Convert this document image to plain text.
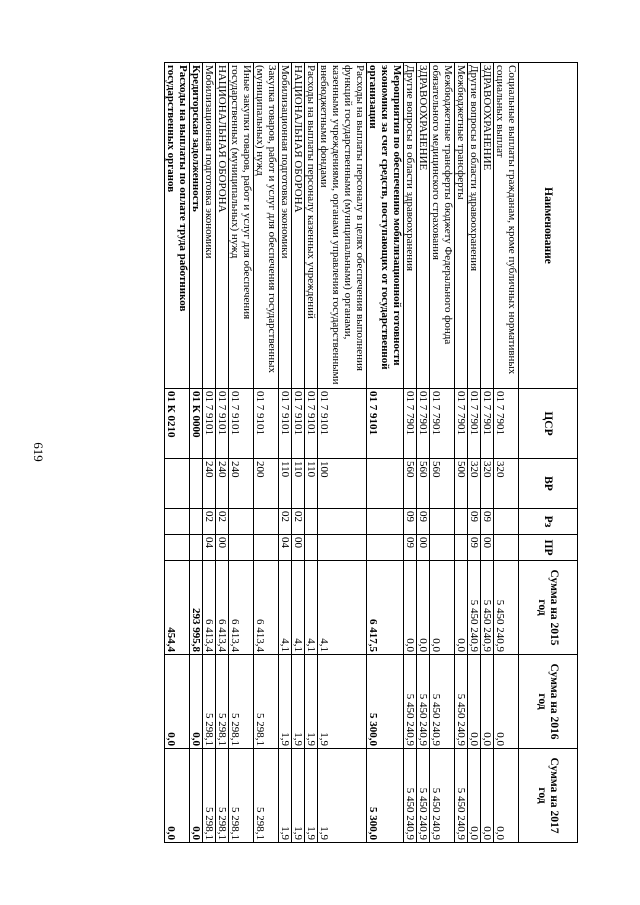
619
Наименование	ЦСР	ВР	Рз	ПР	Сумма на 2015 год	Сумма на 2016 год	Сумма на 2017 год
Социальные выплаты гражданам, кроме публичных нормативных социальных выплат	01 7 7901	320			5 450 240,9	0,0	0,0
ЗДРАВООХРАНЕНИЕ	01 7 7901	320	09	00	5 450 240,9	0,0	0,0
Другие вопросы в области здравоохранения	01 7 7901	320	09	09	5 450 240,9	0,0	0,0
Межбюджетные трансферты	01 7 7901	500			0,0	5 450 240,9	5 450 240,9
Межбюджетные трансферты бюджету Федерального фонда обязательного медицинского страхования	01 7 7901	560			0,0	5 450 240,9	5 450 240,9
ЗДРАВООХРАНЕНИЕ	01 7 7901	560	09	00	0,0	5 450 240,9	5 450 240,9
Другие вопросы в области здравоохранения	01 7 7901	560	09	09	0,0	5 450 240,9	5 450 240,9
Мероприятия по обеспечению мобилизационной готовности экономики за счет средств, поступающих от государственной организации	01 7 9101				6 417,5	5 300,0	5 300,0
Расходы на выплаты персоналу в целях обеспечения выполнения функций государственными (муниципальными) органами, казенными учреждениями, органами управления государственными внебюджетными фондами	01 7 9101	100			4,1	1,9	1,9
Расходы на выплаты персоналу казенных учреждений	01 7 9101	110			4,1	1,9	1,9
НАЦИОНАЛЬНАЯ ОБОРОНА	01 7 9101	110	02	00	4,1	1,9	1,9
Мобилизационная подготовка экономики	01 7 9101	110	02	04	4,1	1,9	1,9
Закупка товаров, работ и услуг для обеспечения государственных (муниципальных) нужд	01 7 9101	200			6 413,4	5 298,1	5 298,1
Иные закупки товаров, работ и услуг для обеспечения государственных (муниципальных) нужд	01 7 9101	240			6 413,4	5 298,1	5 298,1
НАЦИОНАЛЬНАЯ ОБОРОНА	01 7 9101	240	02	00	6 413,4	5 298,1	5 298,1
Мобилизационная подготовка экономики	01 7 9101	240	02	04	6 413,4	5 298,1	5 298,1
Кредиторская задолженность	01 К 0000				293 995,8	0,0	0,0
Расходы на выплаты по оплате труда работников государственных органов	01 К 0210				454,4	0,0	0,0
